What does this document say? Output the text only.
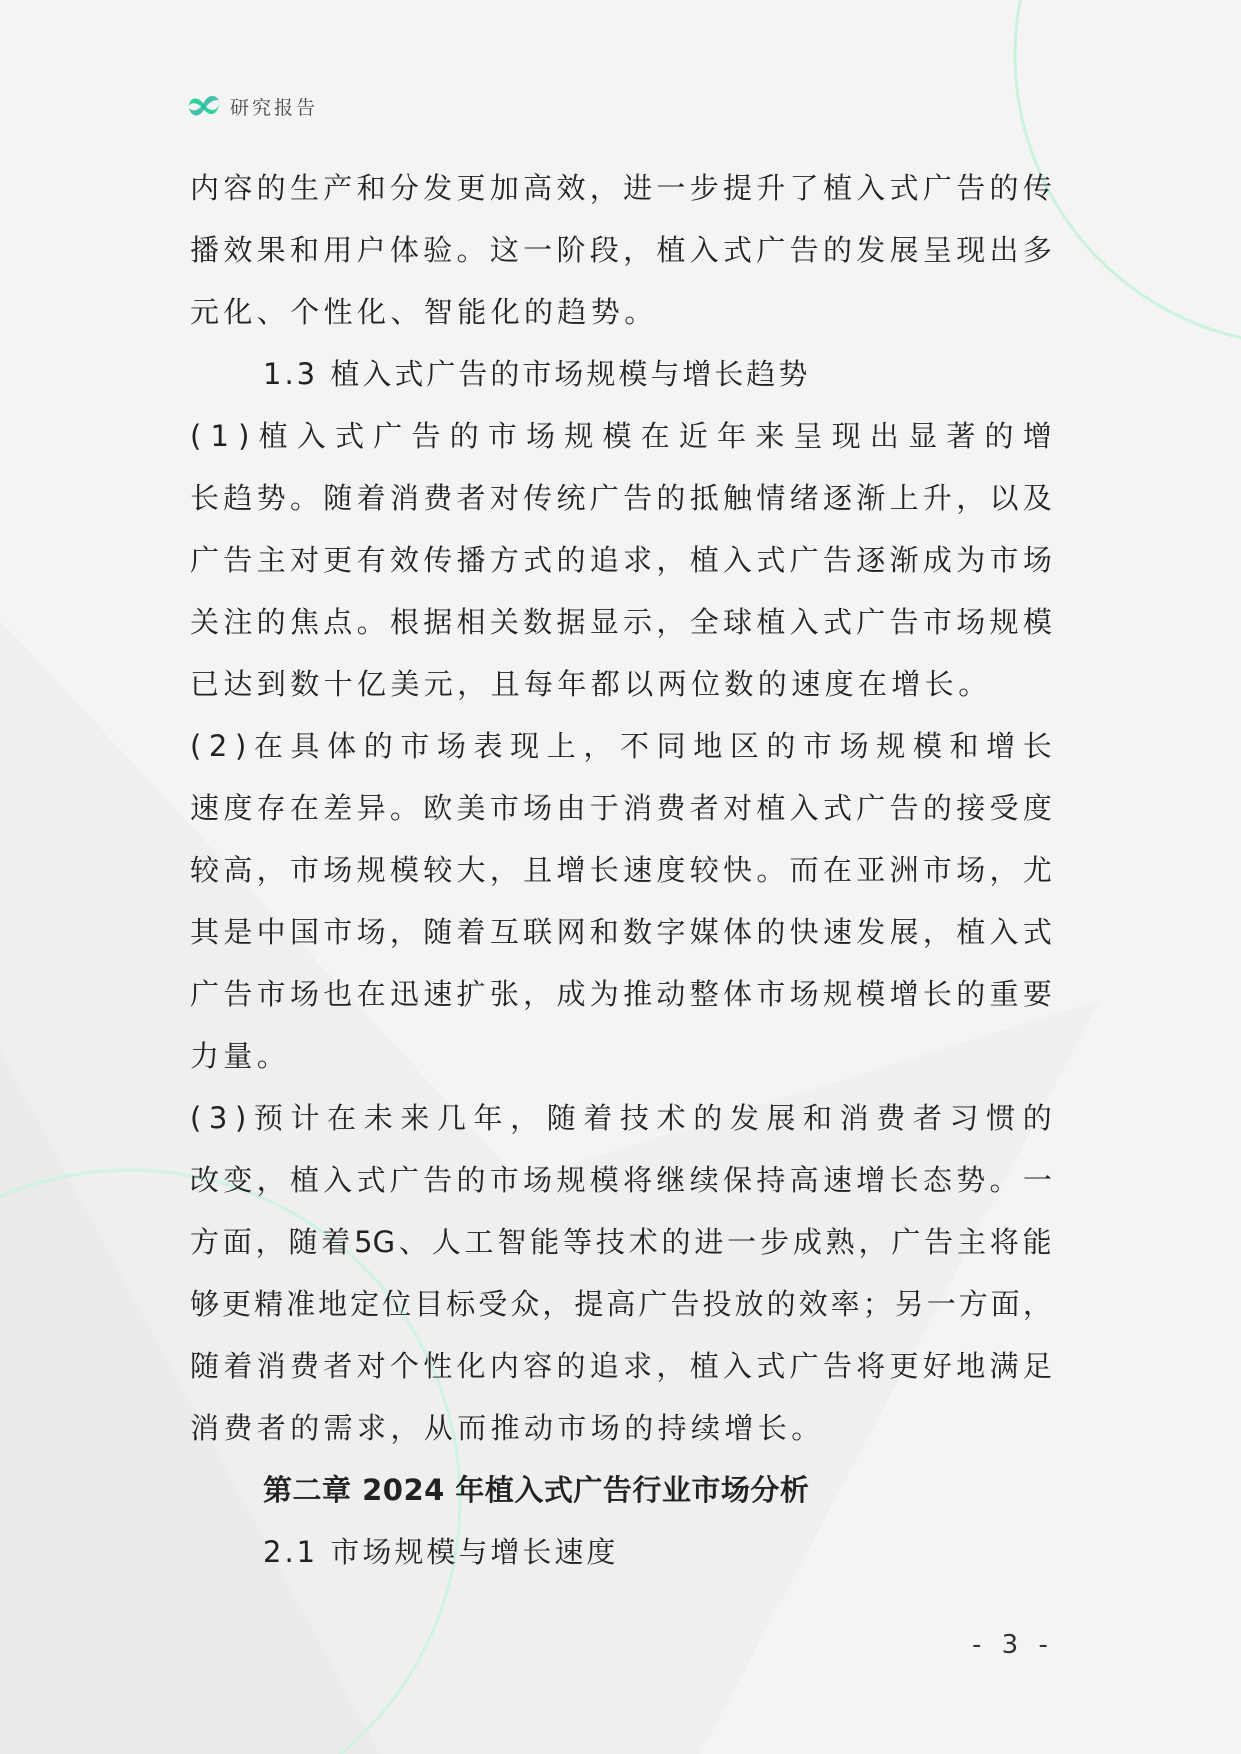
研究报告
内 容 的 生 产 和 分 发 更 加 高 效 ， 进 一 步 提 升 了 植 入 式 广 告 的 传
播 效 果 和 用 户 体 验 。 这 一 阶 段 ， 植 入 式 广 告 的 发 展 呈 现 出 多
元化、个性化、智能化的趋势。
1.3 植入式广告的市场规模与增长趋势
( 1 ) 植 入 式 广 告 的 市 场 规 模 在 近 年 来 呈 现 出 显 著 的 增
长 趋 势 。 随 着 消 费 者 对 传 统 广 告 的 抵 触 情 绪 逐 渐 上 升 ， 以 及
广 告 主 对 更 有 效 传 播 方 式 的 追 求 ， 植 入 式 广 告 逐 渐 成 为 市 场
关 注 的 焦 点 。 根 据 相 关 数 据 显 示 ， 全 球 植 入 式 广 告 市 场 规 模
已达到数十亿美元，且每年都以两位数的速度在增长。
( 2 ) 在 具 体 的 市 场 表 现 上 ， 不 同 地 区 的 市 场 规 模 和 增 长
速 度 存 在 差 异 。 欧 美 市 场 由 于 消 费 者 对 植 入 式 广 告 的 接 受 度
较 高 ， 市 场 规 模 较 大 ， 且 增 长 速 度 较 快 。 而 在 亚 洲 市 场 ， 尤
其 是 中 国 市 场 ， 随 着 互 联 网 和 数 字 媒 体 的 快 速 发 展 ， 植 入 式
广 告 市 场 也 在 迅 速 扩 张 ， 成 为 推 动 整 体 市 场 规 模 增 长 的 重 要
力量。
( 3 ) 预 计 在 未 来 几 年 ， 随 着 技 术 的 发 展 和 消 费 者 习 惯 的
改 变 ， 植 入 式 广 告 的 市 场 规 模 将 继 续 保 持 高 速 增 长 态 势 。 一
方 面 ， 随 着 5G 、 人 工 智 能 等 技 术 的 进 一 步 成 熟 ， 广 告 主 将 能
够 更 精 准 地 定 位 目 标 受 众 ， 提 高 广 告 投 放 的 效 率 ； 另 一 方 面 ，
随 着 消 费 者 对 个 性 化 内 容 的 追 求 ， 植 入 式 广 告 将 更 好 地 满 足
消费者的需求，从而推动市场的持续增长。
第二章 2024 年植入式广告行业市场分析
2.1 市场规模与增长速度
- 3 -
